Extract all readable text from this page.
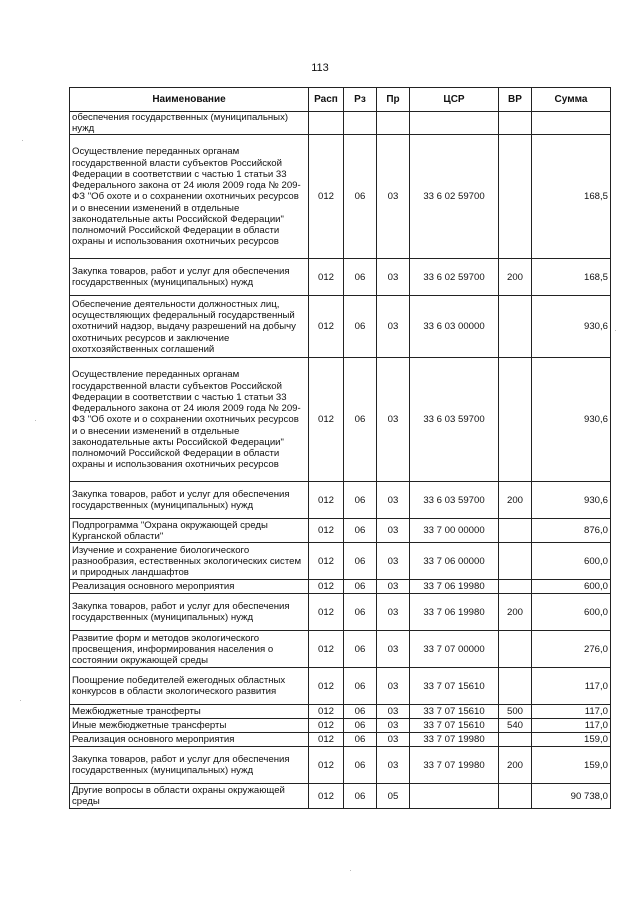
113
Наименование	Расп	Рз	Пр	ЦСР	ВР	Сумма
обеспечения государственных (муниципальных) нужд						
Осуществление переданных органам государственной власти субъектов Российской Федерации в соответствии с частью 1 статьи 33 Федерального закона от 24 июля 2009 года № 209-ФЗ "Об охоте и о сохранении охотничьих ресурсов и о внесении изменений в отдельные законодательные акты Российской Федерации" полномочий Российской Федерации в области охраны и использования охотничьих ресурсов	012	06	03	33 6 02 59700		168,5
Закупка товаров, работ и услуг для обеспечения государственных (муниципальных) нужд	012	06	03	33 6 02 59700	200	168,5
Обеспечение деятельности должностных лиц, осуществляющих федеральный государственный охотничий надзор, выдачу разрешений на добычу охотничьих ресурсов и заключение охотхозяйственных соглашений	012	06	03	33 6 03 00000		930,6
Осуществление переданных органам государственной власти субъектов Российской Федерации в соответствии с частью 1 статьи 33 Федерального закона от 24 июля 2009 года № 209-ФЗ "Об охоте и о сохранении охотничьих ресурсов и о внесении изменений в отдельные законодательные акты Российской Федерации" полномочий Российской Федерации в области охраны и использования охотничьих ресурсов	012	06	03	33 6 03 59700		930,6
Закупка товаров, работ и услуг для обеспечения государственных (муниципальных) нужд	012	06	03	33 6 03 59700	200	930,6
Подпрограмма "Охрана окружающей среды Курганской области"	012	06	03	33 7 00 00000		876,0
Изучение и сохранение биологического разнообразия, естественных экологических систем и природных ландшафтов	012	06	03	33 7 06 00000		600,0
Реализация основного мероприятия	012	06	03	33 7 06 19980		600,0
Закупка товаров, работ и услуг для обеспечения государственных (муниципальных) нужд	012	06	03	33 7 06 19980	200	600,0
Развитие форм и методов экологического просвещения, информирования населения о состоянии окружающей среды	012	06	03	33 7 07 00000		276,0
Поощрение победителей ежегодных областных конкурсов в области экологического развития	012	06	03	33 7 07 15610		117,0
Межбюджетные трансферты	012	06	03	33 7 07 15610	500	117,0
Иные межбюджетные трансферты	012	06	03	33 7 07 15610	540	117,0
Реализация основного мероприятия	012	06	03	33 7 07 19980		159,0
Закупка товаров, работ и услуг для обеспечения государственных (муниципальных) нужд	012	06	03	33 7 07 19980	200	159,0
Другие вопросы в области охраны окружающей среды	012	06	05			90 738,0
